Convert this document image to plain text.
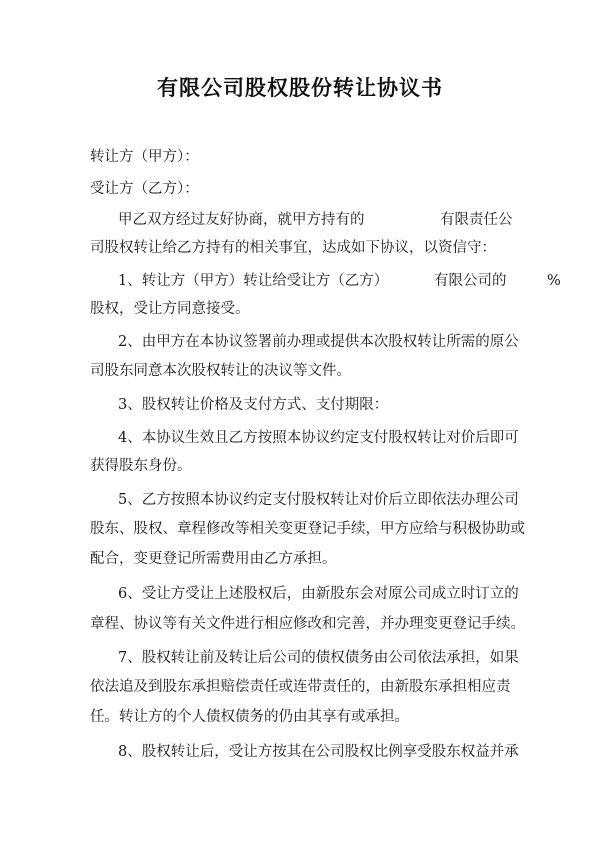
有限公司股权股份转让协议书
转让方（甲方）：
受让方（乙方）：
甲乙双方经过友好协商，就甲方持有的	有限责任公
司股权转让给乙方持有的相关事宜，达成如下协议，以资信守：
1、转让方（甲方）转让给受让方（乙方）	有限公司的	%
股权，受让方同意接受。
2、由甲方在本协议签署前办理或提供本次股权转让所需的原公
司股东同意本次股权转让的决议等文件。
3、股权转让价格及支付方式、支付期限：
4、本协议生效且乙方按照本协议约定支付股权转让对价后即可
获得股东身份。
5、乙方按照本协议约定支付股权转让对价后立即依法办理公司
股东、股权、章程修改等相关变更登记手续，甲方应给与积极协助或
配合，变更登记所需费用由乙方承担。
6、受让方受让上述股权后，由新股东会对原公司成立时订立的
章程、协议等有关文件进行相应修改和完善，并办理变更登记手续。
7、股权转让前及转让后公司的债权债务由公司依法承担，如果
依法追及到股东承担赔偿责任或连带责任的，由新股东承担相应责
任。转让方的个人债权债务的仍由其享有或承担。
8、股权转让后，受让方按其在公司股权比例享受股东权益并承
